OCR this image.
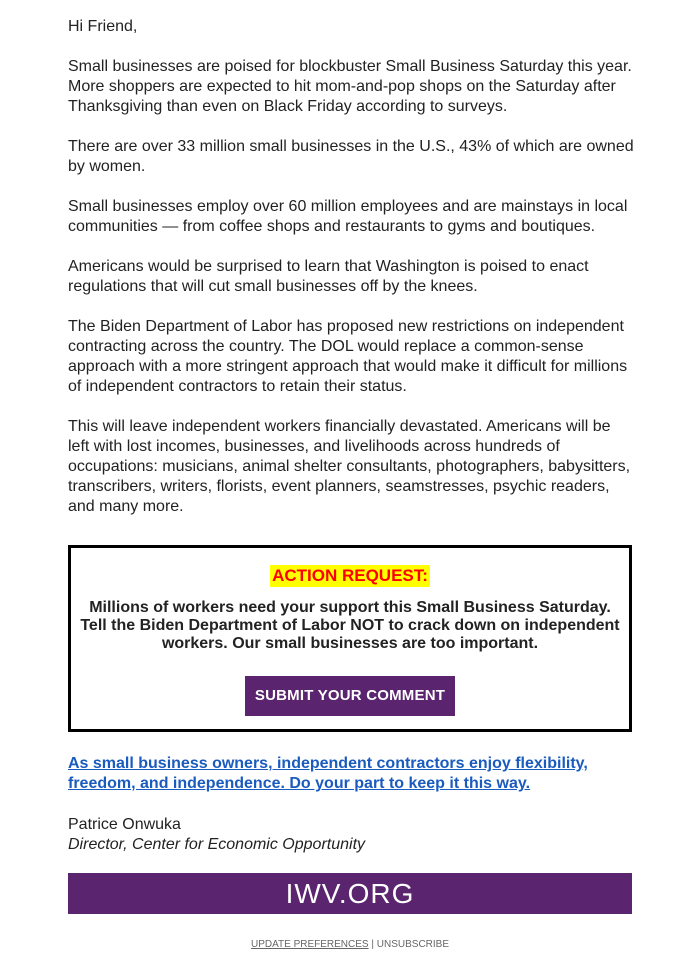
Hi Friend,

Small businesses are poised for blockbuster Small Business Saturday this year. More shoppers are expected to hit mom-and-pop shops on the Saturday after Thanksgiving than even on Black Friday according to surveys.

There are over 33 million small businesses in the U.S., 43% of which are owned by women.

Small businesses employ over 60 million employees and are mainstays in local communities — from coffee shops and restaurants to gyms and boutiques.

Americans would be surprised to learn that Washington is poised to enact regulations that will cut small businesses off by the knees.

The Biden Department of Labor has proposed new restrictions on independent contracting across the country. The DOL would replace a common-sense approach with a more stringent approach that would make it difficult for millions of independent contractors to retain their status.

This will leave independent workers financially devastated. Americans will be left with lost incomes, businesses, and livelihoods across hundreds of occupations: musicians, animal shelter consultants, photographers, babysitters, transcribers, writers, florists, event planners, seamstresses, psychic readers, and many more.

ACTION REQUEST:
Millions of workers need your support this Small Business Saturday. Tell the Biden Department of Labor NOT to crack down on independent workers. Our small businesses are too important.
SUBMIT YOUR COMMENT
As small business owners, independent contractors enjoy flexibility, freedom, and independence. Do your part to keep it this way.
Patrice Onwuka
Director, Center for Economic Opportunity
IWV.ORG
UPDATE PREFERENCES | UNSUBSCRIBE
